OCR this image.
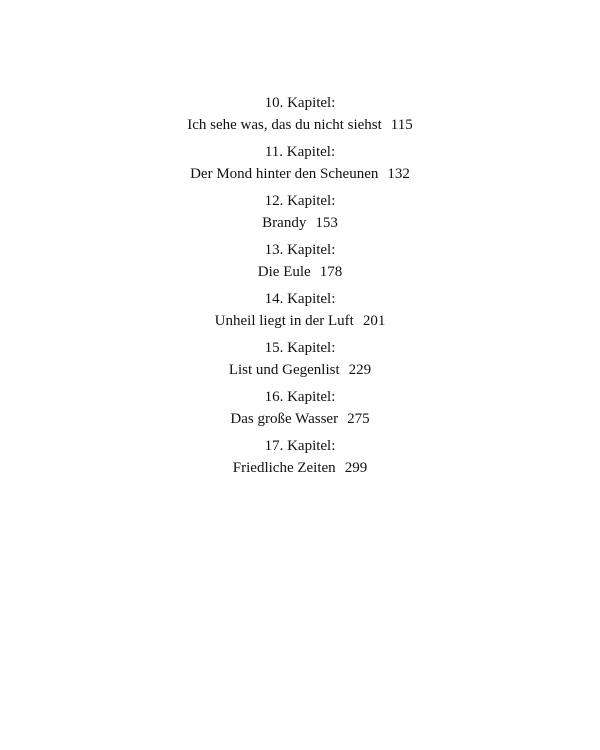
10. Kapitel:
Ich sehe was, das du nicht siehst 115
11. Kapitel:
Der Mond hinter den Scheunen 132
12. Kapitel:
Brandy 153
13. Kapitel:
Die Eule 178
14. Kapitel:
Unheil liegt in der Luft 201
15. Kapitel:
List und Gegenlist 229
16. Kapitel:
Das große Wasser 275
17. Kapitel:
Friedliche Zeiten 299
